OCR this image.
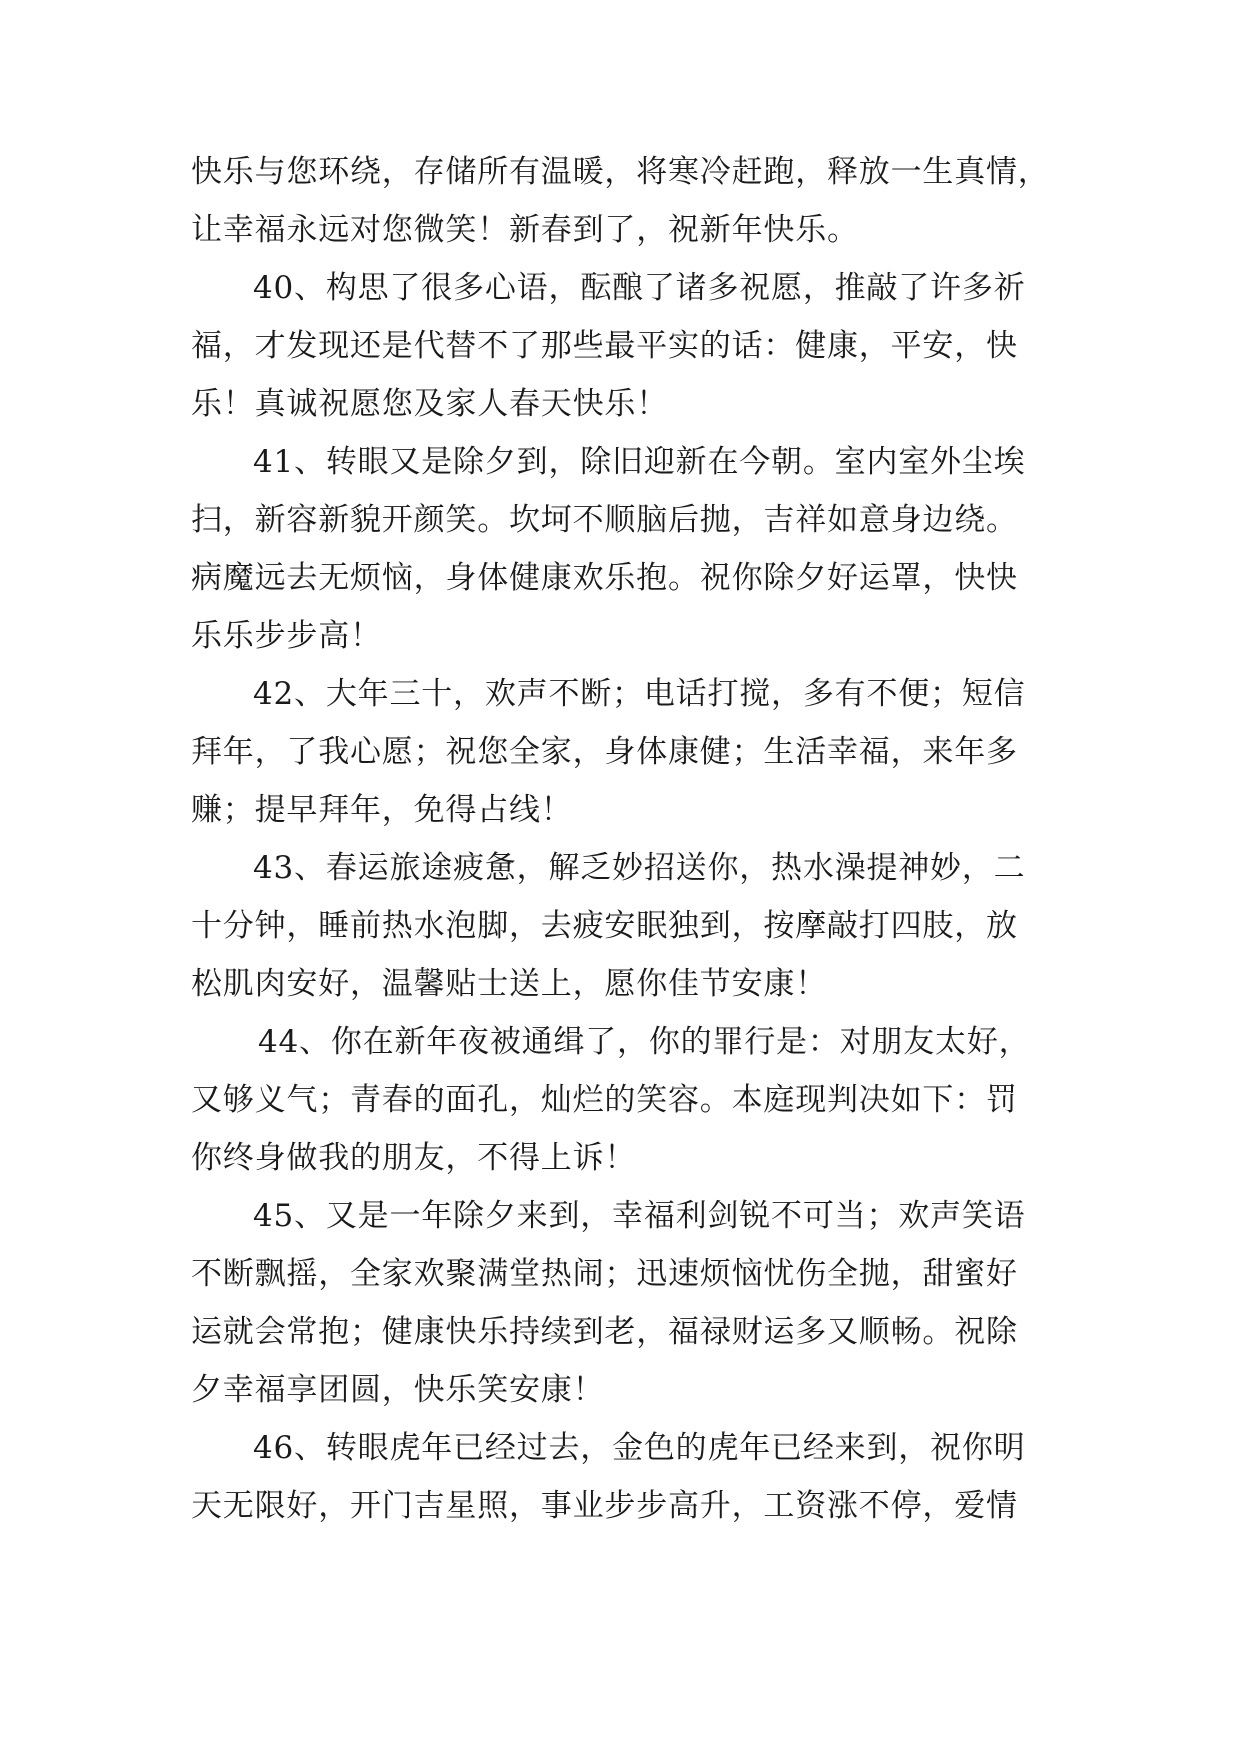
快乐与您环绕，存储所有温暖，将寒冷赶跑，释放一生真情，
让幸福永远对您微笑！新春到了，祝新年快乐。
40、构思了很多心语，酝酿了诸多祝愿，推敲了许多祈
福，才发现还是代替不了那些最平实的话：健康，平安，快
乐！真诚祝愿您及家人春天快乐！
41、转眼又是除夕到，除旧迎新在今朝。室内室外尘埃
扫，新容新貌开颜笑。坎坷不顺脑后抛，吉祥如意身边绕。
病魔远去无烦恼，身体健康欢乐抱。祝你除夕好运罩，快快
乐乐步步高！
42、大年三十，欢声不断；电话打搅，多有不便；短信
拜年，了我心愿；祝您全家，身体康健；生活幸福，来年多
赚；提早拜年，免得占线！
43、春运旅途疲惫，解乏妙招送你，热水澡提神妙，二
十分钟，睡前热水泡脚，去疲安眠独到，按摩敲打四肢，放
松肌肉安好，温馨贴士送上，愿你佳节安康！
44、你在新年夜被通缉了，你的罪行是：对朋友太好，
又够义气；青春的面孔，灿烂的笑容。本庭现判决如下：罚
你终身做我的朋友，不得上诉！
45、又是一年除夕来到，幸福利剑锐不可当；欢声笑语
不断飘摇，全家欢聚满堂热闹；迅速烦恼忧伤全抛，甜蜜好
运就会常抱；健康快乐持续到老，福禄财运多又顺畅。祝除
夕幸福享团圆，快乐笑安康！
46、转眼虎年已经过去，金色的虎年已经来到，祝你明
天无限好，开门吉星照，事业步步高升，工资涨不停，爱情
